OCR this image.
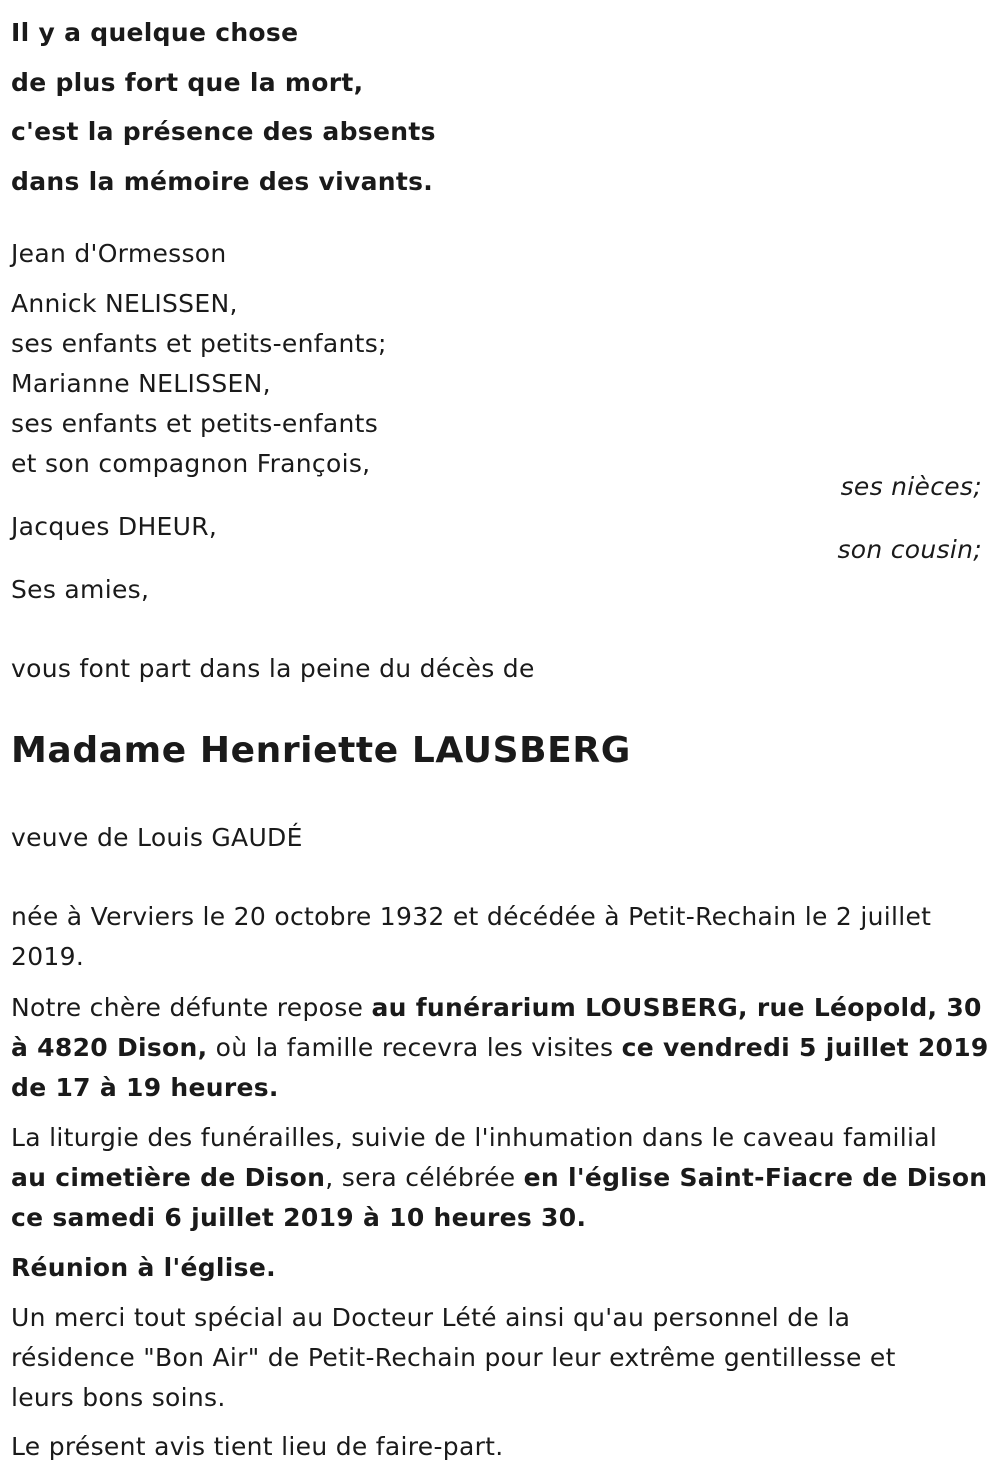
Il y a quelque chose
de plus fort que la mort,
c'est la présence des absents
dans la mémoire des vivants.
Jean d'Ormesson
Annick NELISSEN,
ses enfants et petits-enfants;
Marianne NELISSEN,
ses enfants et petits-enfants
et son compagnon François,
ses nièces;
Jacques DHEUR,
son cousin;
Ses amies,
vous font part dans la peine du décès de
Madame Henriette LAUSBERG
veuve de Louis GAUDÉ
née à Verviers le 20 octobre 1932 et décédée à Petit-Rechain le 2 juillet
2019.
Notre chère défunte repose au funérarium LOUSBERG, rue Léopold, 30
à 4820 Dison, où la famille recevra les visites ce vendredi 5 juillet 2019
de 17 à 19 heures.
La liturgie des funérailles, suivie de l'inhumation dans le caveau familial
au cimetière de Dison, sera célébrée en l'église Saint-Fiacre de Dison
ce samedi 6 juillet 2019 à 10 heures 30.
Réunion à l'église.
Un merci tout spécial au Docteur Lété ainsi qu'au personnel de la
résidence "Bon Air" de Petit-Rechain pour leur extrême gentillesse et
leurs bons soins.
Le présent avis tient lieu de faire-part.
